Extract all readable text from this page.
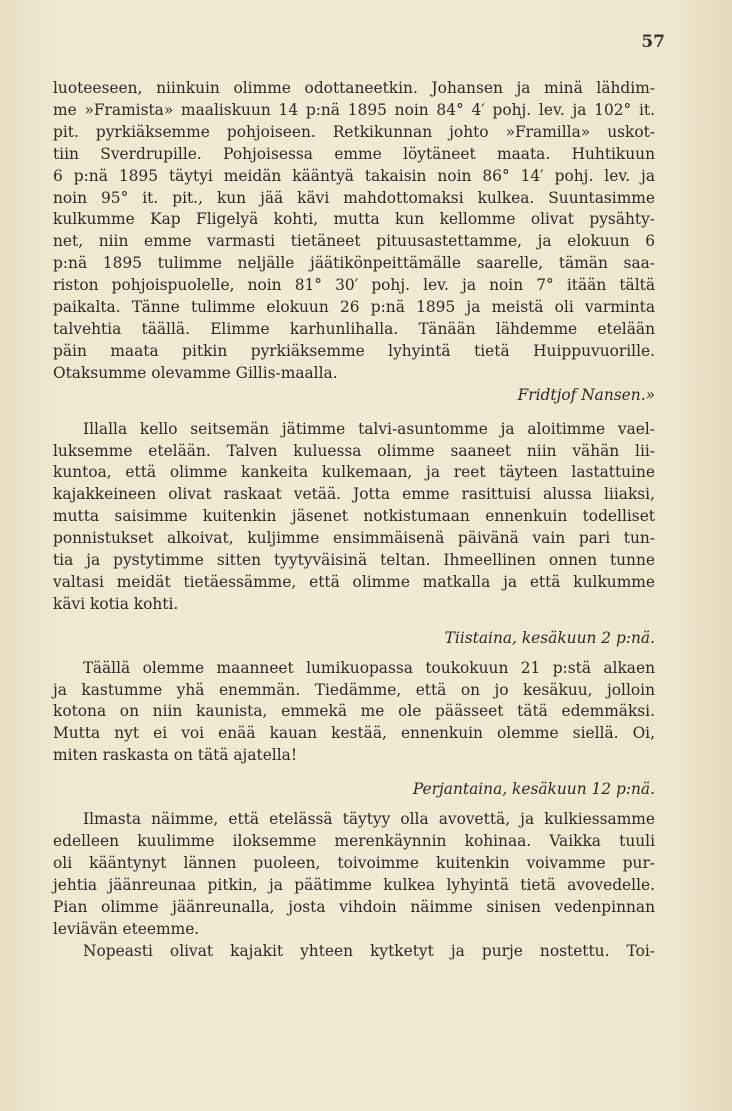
57

luoteeseen, niinkuin olimme odottaneetkin. Johansen ja minä lähdim-

me »Framista» maaliskuun 14 p:nä 1895 noin 84° 4′ pohj. lev. ja 102° it.

pit. pyrkiäksemme pohjoiseen. Retkikunnan johto »Framilla» uskot-

tiin Sverdrupille. Pohjoisessa emme löytäneet maata. Huhtikuun

6 p:nä 1895 täytyi meidän kääntyä takaisin noin 86° 14′ pohj. lev. ja

noin 95° it. pit., kun jää kävi mahdottomaksi kulkea. Suuntasimme

kulkumme Kap Fligelyä kohti, mutta kun kellomme olivat pysähty-

net, niin emme varmasti tietäneet pituusastettamme, ja elokuun 6

p:nä 1895 tulimme neljälle jäätikönpeittämälle saarelle, tämän saa-

riston pohjoispuolelle, noin 81° 30′ pohj. lev. ja noin 7° itään tältä

paikalta. Tänne tulimme elokuun 26 p:nä 1895 ja meistä oli varminta

talvehtia täällä. Elimme karhunlihalla. Tänään lähdemme etelään

päin maata pitkin pyrkiäksemme lyhyintä tietä Huippuvuorille.

Otaksumme olevamme Gillis-maalla.

Fridtjof Nansen.»

Illalla kello seitsemän jätimme talvi-asuntomme ja aloitimme vael-

luksemme etelään. Talven kuluessa olimme saaneet niin vähän lii-

kuntoa, että olimme kankeita kulkemaan, ja reet täyteen lastattuine

kajakkeineen olivat raskaat vetää. Jotta emme rasittuisi alussa liiaksi,

mutta saisimme kuitenkin jäsenet notkistumaan ennenkuin todelliset

ponnistukset alkoivat, kuljimme ensimmäisenä päivänä vain pari tun-

tia ja pystytimme sitten tyytyväisinä teltan. Ihmeellinen onnen tunne

valtasi meidät tietäessämme, että olimme matkalla ja että kulkumme

kävi kotia kohti.

Tiistaina, kesäkuun 2 p:nä.

Täällä olemme maanneet lumikuopassa toukokuun 21 p:stä alkaen

ja kastumme yhä enemmän. Tiedämme, että on jo kesäkuu, jolloin

kotona on niin kaunista, emmekä me ole päässeet tätä edemmäksi.

Mutta nyt ei voi enää kauan kestää, ennenkuin olemme siellä. Oi,

miten raskasta on tätä ajatella!

Perjantaina, kesäkuun 12 p:nä.

Ilmasta näimme, että etelässä täytyy olla avovettä, ja kulkiessamme

edelleen kuulimme iloksemme merenkäynnin kohinaa. Vaikka tuuli

oli kääntynyt lännen puoleen, toivoimme kuitenkin voivamme pur-

jehtia jäänreunaa pitkin, ja päätimme kulkea lyhyintä tietä avovedelle.

Pian olimme jäänreunalla, josta vihdoin näimme sinisen vedenpinnan

leviävän eteemme.

Nopeasti olivat kajakit yhteen kytketyt ja purje nostettu. Toi-
